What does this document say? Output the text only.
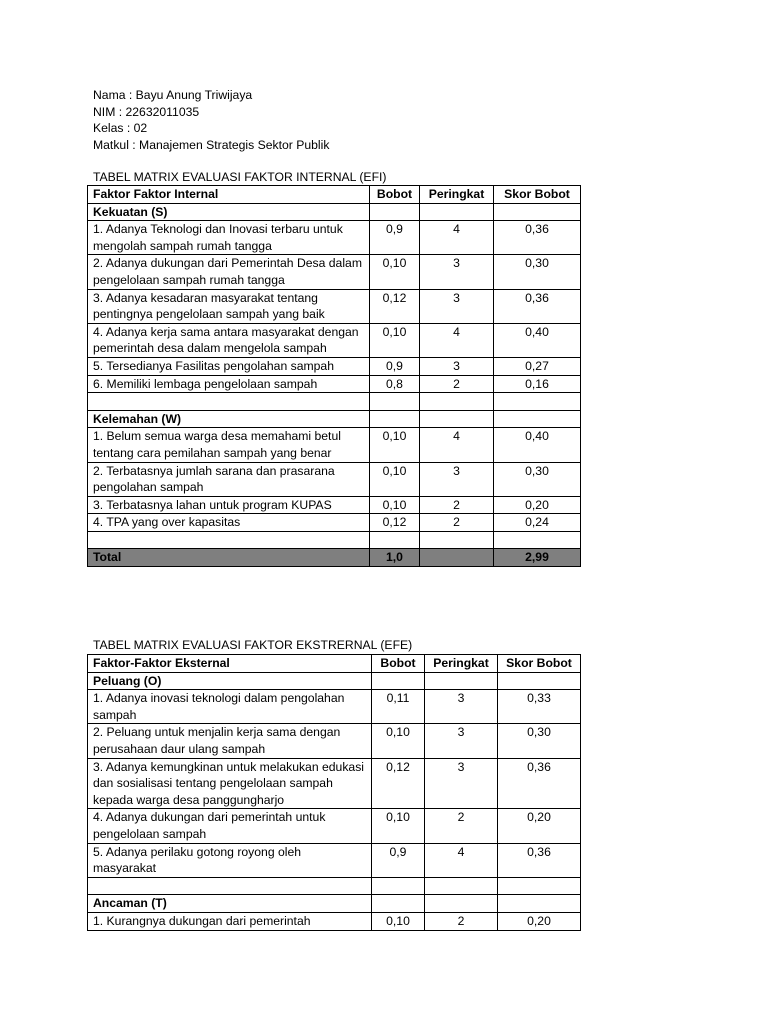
Nama : Bayu Anung Triwijaya
NIM : 22632011035
Kelas : 02
Matkul : Manajemen Strategis Sektor Publik
TABEL MATRIX EVALUASI FAKTOR INTERNAL (EFI)
Faktor Faktor Internal	Bobot	Peringkat	Skor Bobot
Kekuatan (S)			
1. Adanya Teknologi dan Inovasi terbaru untuk mengolah sampah rumah tangga	0,9	4	0,36
2. Adanya dukungan dari Pemerintah Desa dalam pengelolaan sampah rumah tangga	0,10	3	0,30
3. Adanya kesadaran masyarakat tentang pentingnya pengelolaan sampah yang baik	0,12	3	0,36
4. Adanya kerja sama antara masyarakat dengan pemerintah desa dalam mengelola sampah	0,10	4	0,40
5. Tersedianya Fasilitas pengolahan sampah	0,9	3	0,27
6. Memiliki lembaga pengelolaan sampah	0,8	2	0,16

Kelemahan (W)			
1. Belum semua warga desa memahami betul tentang cara pemilahan sampah yang benar	0,10	4	0,40
2. Terbatasnya jumlah sarana dan prasarana pengolahan sampah	0,10	3	0,30
3. Terbatasnya lahan untuk program KUPAS	0,10	2	0,20
4. TPA yang over kapasitas	0,12	2	0,24

Total	1,0		2,99
TABEL MATRIX EVALUASI FAKTOR EKSTRERNAL (EFE)
Faktor-Faktor Eksternal	Bobot	Peringkat	Skor Bobot
Peluang (O)			
1. Adanya inovasi teknologi dalam pengolahan sampah	0,11	3	0,33
2. Peluang untuk menjalin kerja sama dengan perusahaan daur ulang sampah	0,10	3	0,30
3. Adanya kemungkinan untuk melakukan edukasi dan sosialisasi tentang pengelolaan sampah kepada warga desa panggungharjo	0,12	3	0,36
4. Adanya dukungan dari pemerintah untuk pengelolaan sampah	0,10	2	0,20
5. Adanya perilaku gotong royong oleh masyarakat	0,9	4	0,36

Ancaman (T)			
1. Kurangnya dukungan dari pemerintah	0,10	2	0,20
